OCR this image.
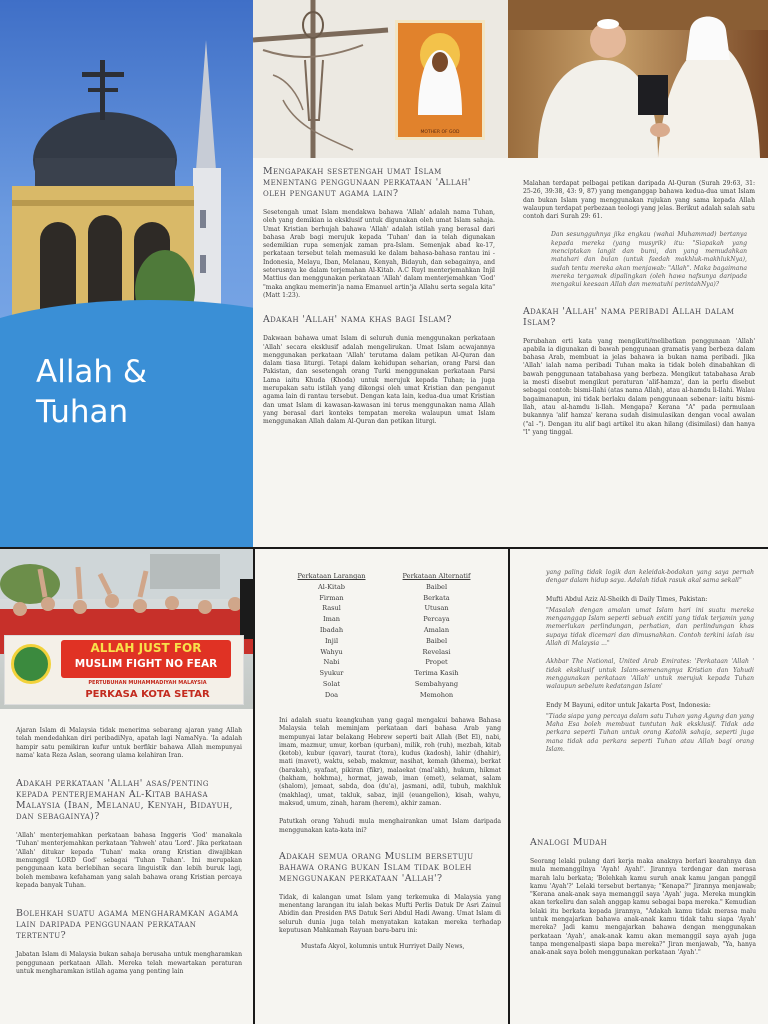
Allah &
Tuhan
MOTHER OF GOD
Mengapakah sesetengah umat Islam menentang penggunaan perkataan 'Allah' oleh penganut agama lain?
Sesetengah umat Islam mendakwa bahawa 'Allah' adalah nama Tuhan, oleh yang demikian ia eksklusif untuk digunakan oleh umat Islam sahaja. Umat Kristian berhujah bahawa 'Allah' adalah istilah yang berasal dari bahasa Arab bagi merujuk kepada 'Tuhan' dan ia telah digunakan sedemikian rupa semenjak zaman pra-Islam. Semenjak abad ke-17, perkataan tersebut telah memasuki ke dalam bahasa-bahasa rantau ini - Indonesia, Melayu, Iban, Melanau, Kenyah, Bidayuh, dan sebagainya, and seterusnya ke dalam terjemahan Al-Kitab. A.C Ruyl menterjemahkan Injil Mattius dan menggunakan perkataan 'Allah' dalam menterjemahkan 'God' "maka angkau memerin'ja nama Emanuel artin'ja Allahu serta segala kita" (Matt 1:23).
Adakah 'Allah' nama khas bagi Islam?
Dakwaan bahawa umat Islam di seluruh dunia menggunakan perkataan 'Allah' secara eksklusif adalah mengelirukan. Umat Islam acwajannya menggunakan perkataan 'Allah' terutama dalam petikan Al-Quran dan dalam tiasa liturgi. Tetapi dalam kehidupan seharian, orang Parsi dan Pakistan, dan sesetengah orang Turki menggunakan perkataan Parsi Lama iaitu Khuda (Khoda) untuk merujuk kepada Tuhan; ia juga merupakan satu istilah yang dikongsi oleh umat Kristian dan penganut agama lain di rantau tersebut. Dengan kata lain, kedua-dua umat Kristian dan umat Islam di kawasan-kawasan ini terus menggunakan nama Allah yang berasal dari konteks tempatan mereka walaupun umat Islam menggunakan Allah dalam Al-Quran dan petikan liturgi.
Malahan terdapat pelbagai petikan daripada Al-Quran (Surah 29:63, 31: 25-26, 39:38, 43: 9, 87) yang menganggap bahawa kedua-dua umat Islam dan bukan Islam yang menggunakan rujukan yang sama kepada Allah walaupun terdapat perbezaan teologi yang jelas. Berikut adalah salah satu contoh dari Surah 29: 61.
Dan sesungguhnya jika engkau (wahai Muhammad) bertanya kepada mereka (yang musyrik) itu: "Siapakah yang menciptakan langit dan bumi, dan yang memudahkan matahari dan bulan (untuk faedah makhluk-makhlukNya), sudah tentu mereka akan menjawab: "Allah". Maka bagaimana mereka tergamak dipalingkan (oleh hawa nafsunya daripada mengakui keesaan Allah dan mematuhi perintahNya)?
Adakah 'Allah' nama peribadi Allah dalam Islam?
Perubahan erti kata yang mengikuti/melibatkan penggunaan 'Allah' apabila ia digunakan di bawah penggunaan gramatis yang berbeza dalam bahasa Arab, membuat ia jelas bahawa ia bukan nama peribadi. Jika 'Allah' ialah nama peribadi Tuhan maka ia tidak boleh dinabahkan di bawah penggunaan tatabahasa yang berbeza. Mengikut tatabahasa Arab ia mesti disebut mengikut peraturan 'alif-hamza', dan ia perlu disebut sebagai contoh: bismi-llahi (atas nama Allah), atau al-hamdu li-llahi. Walau bagaimanapun, ini tidak berlaku dalam penggunaan sebenar: iaitu bismi-llah, atau al-hamdu li-llah. Mengapa? Kerana "A" pada permulaan bukannya 'alif hamza' kerana sudah disimulasikan dengan vocal awalan ("al -"). Dengan itu alif bagi artikel itu akan hilang (disimilasi) dan hanya "l" yang tinggal.
ALLAH JUST FOR
MUSLIM FIGHT NO FEAR
PERTUBUHAN MUHAMMADIYAH MALAYSIA
PERKASA KOTA SETAR
Ajaran Islam di Malaysia tidak menerima sebarang ajaran yang Allah telah mendedahkan diri peribadiNya, apatah lagi NamaNya. 'Ia adalah hampir satu pemikiran kufur untuk berfikir bahawa Allah mempunyai nama' kata Reza Aslan, seorang ulama kelahiran Iran.
Adakah perkataan 'Allah' asas/penting kepada penterjemahan Al-Kitab bahasa Malaysia (Iban, Melanau, Kenyah, Bidayuh, dan sebagainya)?
'Allah' menterjemahkan perkataan bahasa Inggeris 'God' manakala 'Tuhan' menterjemahkan perkataan 'Yahweh' atau 'Lord'. Jika perkataan 'Allah' ditukar kepada 'Tuhan' maka orang Kristian diwajibkan menunggil 'LORD God' sebagai 'Tuhan Tuhan'. Ini merupakan penggunaan kata berlebihan secara linguistik dan lebih buruk lagi, boleh membawa kefahaman yang salah bahawa orang Kristian percaya kepada banyak Tuhan.
Bolehkah suatu agama mengharamkan agama lain daripada penggunaan perkataan tertentu?
Jabatan Islam di Malaysia bukan sahaja berusaha untuk mengharamkan penggunaan perkataan Allah. Mereka telah mewartakan peraturan untuk mengharamkan istilah agama yang penting lain
Perkataan Larangan	Perkataan Alternatif
Al-Kitab	Baibel
Firman	Berkata
Rasul	Utusan
Iman	Percaya
Ibadah	Amalan
Injil	Baibel
Wahyu	Revelasi
Nabi	Propet
Syukur	Terima Kasih
Solat	Sembahyang
Doa	Memohon
Ini adalah suatu keangkuhan yang gagal mengakui bahawa Bahasa Malaysia telah meminjam perkataan dari bahasa Arab yang mempunyai latar belakang Hebrew seperti bait Allah (Bet El), nabi, imam, mazmur, umur, korban (qurban), milik, roh (ruh), mezbah, kitab (ketob), kubur (qavar), taurat (tora), kudus (kadosh), lahir (dhahir), mati (mavet), waktu, sebab, makmur, nasihat, kemah (khema), berkat (barakah), syafaat, pikiran (fikr), malaekat (mal'akh), hukum, hikmat (hakham, hokhma), hormat, jawab, iman (emet), selamat, salam (shalom), jemaat, sabda, doa (du'a), jasmani, adil, tubuh, makhluk (makhlaq), umat, takluk, sabaz, injil (euangelion), kisah, wahyu, maksud, umum, zinah, haram (herem), akhir zaman.
Patutkah orang Yahudi mula menghairankan umat Islam daripada menggunakan kata-kata ini?
Adakah semua orang Muslim bersetuju bahawa orang bukan Islam tidak boleh menggunakan perkataan 'Allah'?
Tidak, di kalangan umat Islam yang terkemuka di Malaysia yang menentang larangan itu ialah bekas Mufti Perlis Datuk Dr Asri Zainul Abidin dan Presiden PAS Datuk Seri Abdul Hadi Awang. Umat Islam di seluruh dunia juga telah menyatakan katakan mereka terhadap keputusan Mahkamah Rayuan baru-baru ini:
Mustafa Akyol, kolumnis untuk Hurriyet Daily News,
yang paling tidak logik dan keleidak-bodakan yang saya pernah dengar dalam hidup saya. Adalah tidak rasuk akal sama sekali"
Mufti Abdul Aziz Al-Sheikh di Daily Times, Pakistan:
"Masalah dengan amalan umat Islam hari ini suatu mereka menganggap Islam seperti sebuah entiti yang tidak terjamin yang memerlukan perlindungan, perhatian, dan perlindungan khas supaya tidak dicemari dan dimusnahkan. Contoh terkini ialah isu Allah di Malaysia ..."
Akhbar The National, United Arab Emirates: 'Perkataan 'Allah ' tidak eksklusif untuk Islam-semenangnya Kristian dan Yahudi menggunakan perkataan 'Allah' untuk merujuk kepada Tuhan walaupun sebelum kedatangan Islam'
Endy M Bayuni, editor untuk Jakarta Post, Indonesia:
"Tiada siapa yang percaya dalam satu Tuhan yang Agung dan yang Maha Esa boleh membuat tuntutan hak eksklusif. Tidak ada perkara seperti Tuhan untuk orang Katolik sahaja, seperti juga mana tidak ada perkara seperti Tuhan atau Allah bagi orang Islam.
Analogi Mudah
Seorang lelaki pulang dari kerja maka anaknya berlari kearahnya dan mula memanggilnya 'Ayah! Ayah!'. Jirannya terdengar dan merasa marah lalu berkata; 'Bolehkah kamu suruh anak kamu jangan panggil kamu 'Ayah'?' Lelaki tersebut bertanya; "Kenapa?" Jirannya menjawab; "Kerana anak-anak saya memanggil saya 'Ayah' juga. Mereka mungkin akan terkeliru dan salah anggap kamu sebagai bapa mereka." Kemudian lelaki itu berkata kepada jirannya, "Adakah kamu tidak merasa malu untuk mengajarkan bahawa anak-anak kamu tidak tahu siapa 'Ayah' mereka? Jadi kamu mengajarkan bahawa dengan menggunakan perkataan 'Ayah', anak-anak kamu akan memanggil saya ayah juga tanpa mengenalpasti siapa bapa mereka?" Jiran menjawab, "Ya, hanya anak-anak saya boleh menggunakan perkataan 'Ayah'."
